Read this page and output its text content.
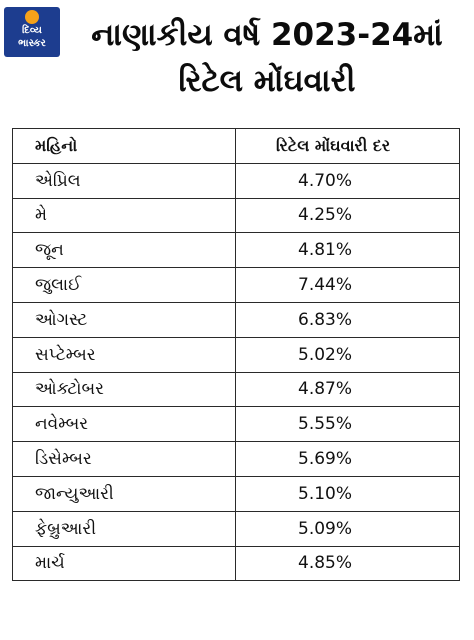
દિવ્ય
ભાસ્કર	નાણાકીય વર્ષ 2023-24માં
રિટેલ મોંઘવારી
મહિનો	રિટેલ મોંઘવારી દર
એપ્રિલ	4.70%
મે	4.25%
જૂન	4.81%
જુલાઈ	7.44%
ઓગસ્ટ	6.83%
સપ્ટેમ્બર	5.02%
ઓક્ટોબર	4.87%
નવેમ્બર	5.55%
ડિસેમ્બર	5.69%
જાન્યુઆરી	5.10%
ફેબ્રુઆરી	5.09%
માર્ચ	4.85%
